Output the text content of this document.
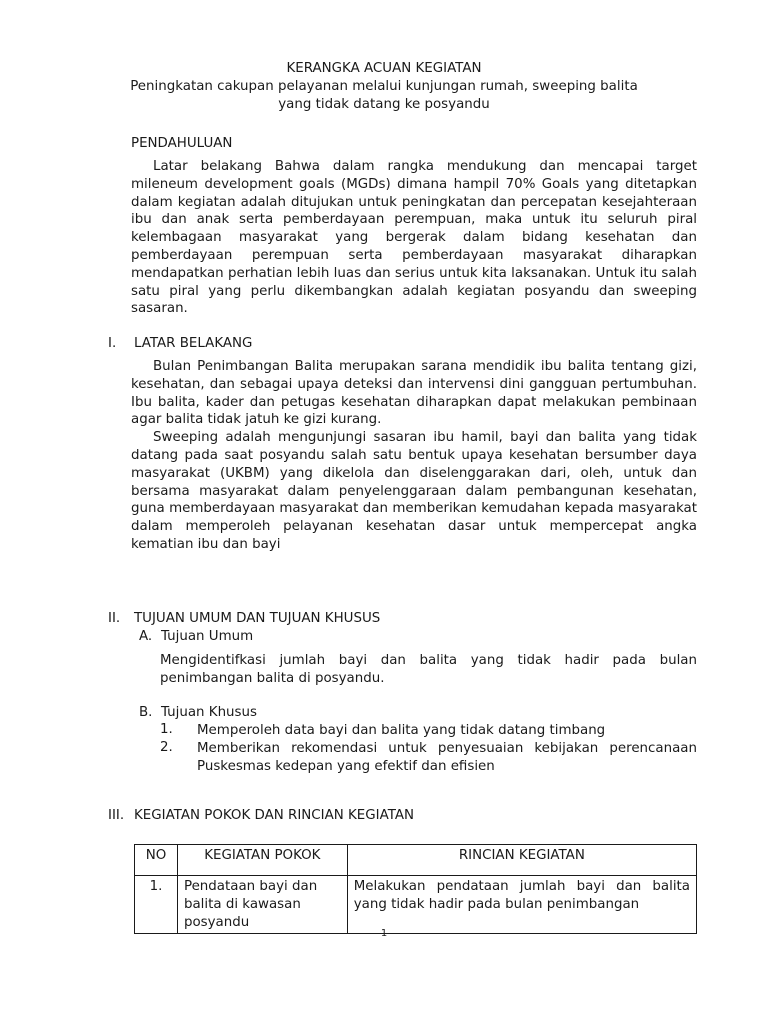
KERANGKA ACUAN KEGIATAN
Peningkatan cakupan pelayanan melalui kunjungan rumah, sweeping balita
yang tidak datang ke posyandu
PENDAHULUAN

Latar belakang Bahwa dalam rangka mendukung dan mencapai target mileneum development goals (MGDs) dimana hampil 70% Goals yang ditetapkan dalam kegiatan adalah ditujukan untuk peningkatan dan percepatan kesejahteraan ibu dan anak serta pemberdayaan perempuan, maka untuk itu seluruh piral kelembagaan masyarakat yang bergerak dalam bidang kesehatan dan pemberdayaan perempuan serta pemberdayaan masyarakat diharapkan mendapatkan perhatian lebih luas dan serius untuk kita laksanakan. Untuk itu salah satu piral yang perlu dikembangkan adalah kegiatan posyandu dan sweeping sasaran.

I. LATAR BELAKANG

Bulan Penimbangan Balita merupakan sarana mendidik ibu balita tentang gizi, kesehatan, dan sebagai upaya deteksi dan intervensi dini gangguan pertumbuhan. Ibu balita, kader dan petugas kesehatan diharapkan dapat melakukan pembinaan agar balita tidak jatuh ke gizi kurang.

Sweeping adalah mengunjungi sasaran ibu hamil, bayi dan balita yang tidak datang pada saat posyandu salah satu bentuk upaya kesehatan bersumber daya masyarakat (UKBM) yang dikelola dan diselenggarakan dari, oleh, untuk dan bersama masyarakat dalam penyelenggaraan dalam pembangunan kesehatan, guna memberdayaan masyarakat dan memberikan kemudahan kepada masyarakat dalam memperoleh pelayanan kesehatan dasar untuk mempercepat angka kematian ibu dan bayi

II. TUJUAN UMUM DAN TUJUAN KHUSUS
A. Tujuan Umum
Mengidentifkasi jumlah bayi dan balita yang tidak hadir pada bulan penimbangan balita di posyandu.
B. Tujuan Khusus
1. Memperoleh data bayi dan balita yang tidak datang timbang
2. Memberikan rekomendasi untuk penyesuaian kebijakan perencanaan Puskesmas kedepan yang efektif dan efisien
III. KEGIATAN POKOK DAN RINCIAN KEGIATAN
NO	KEGIATAN POKOK	RINCIAN KEGIATAN
1.	Pendataan bayi dan balita di kawasan posyandu	Melakukan pendataan jumlah bayi dan balita yang tidak hadir pada bulan penimbangan
1
